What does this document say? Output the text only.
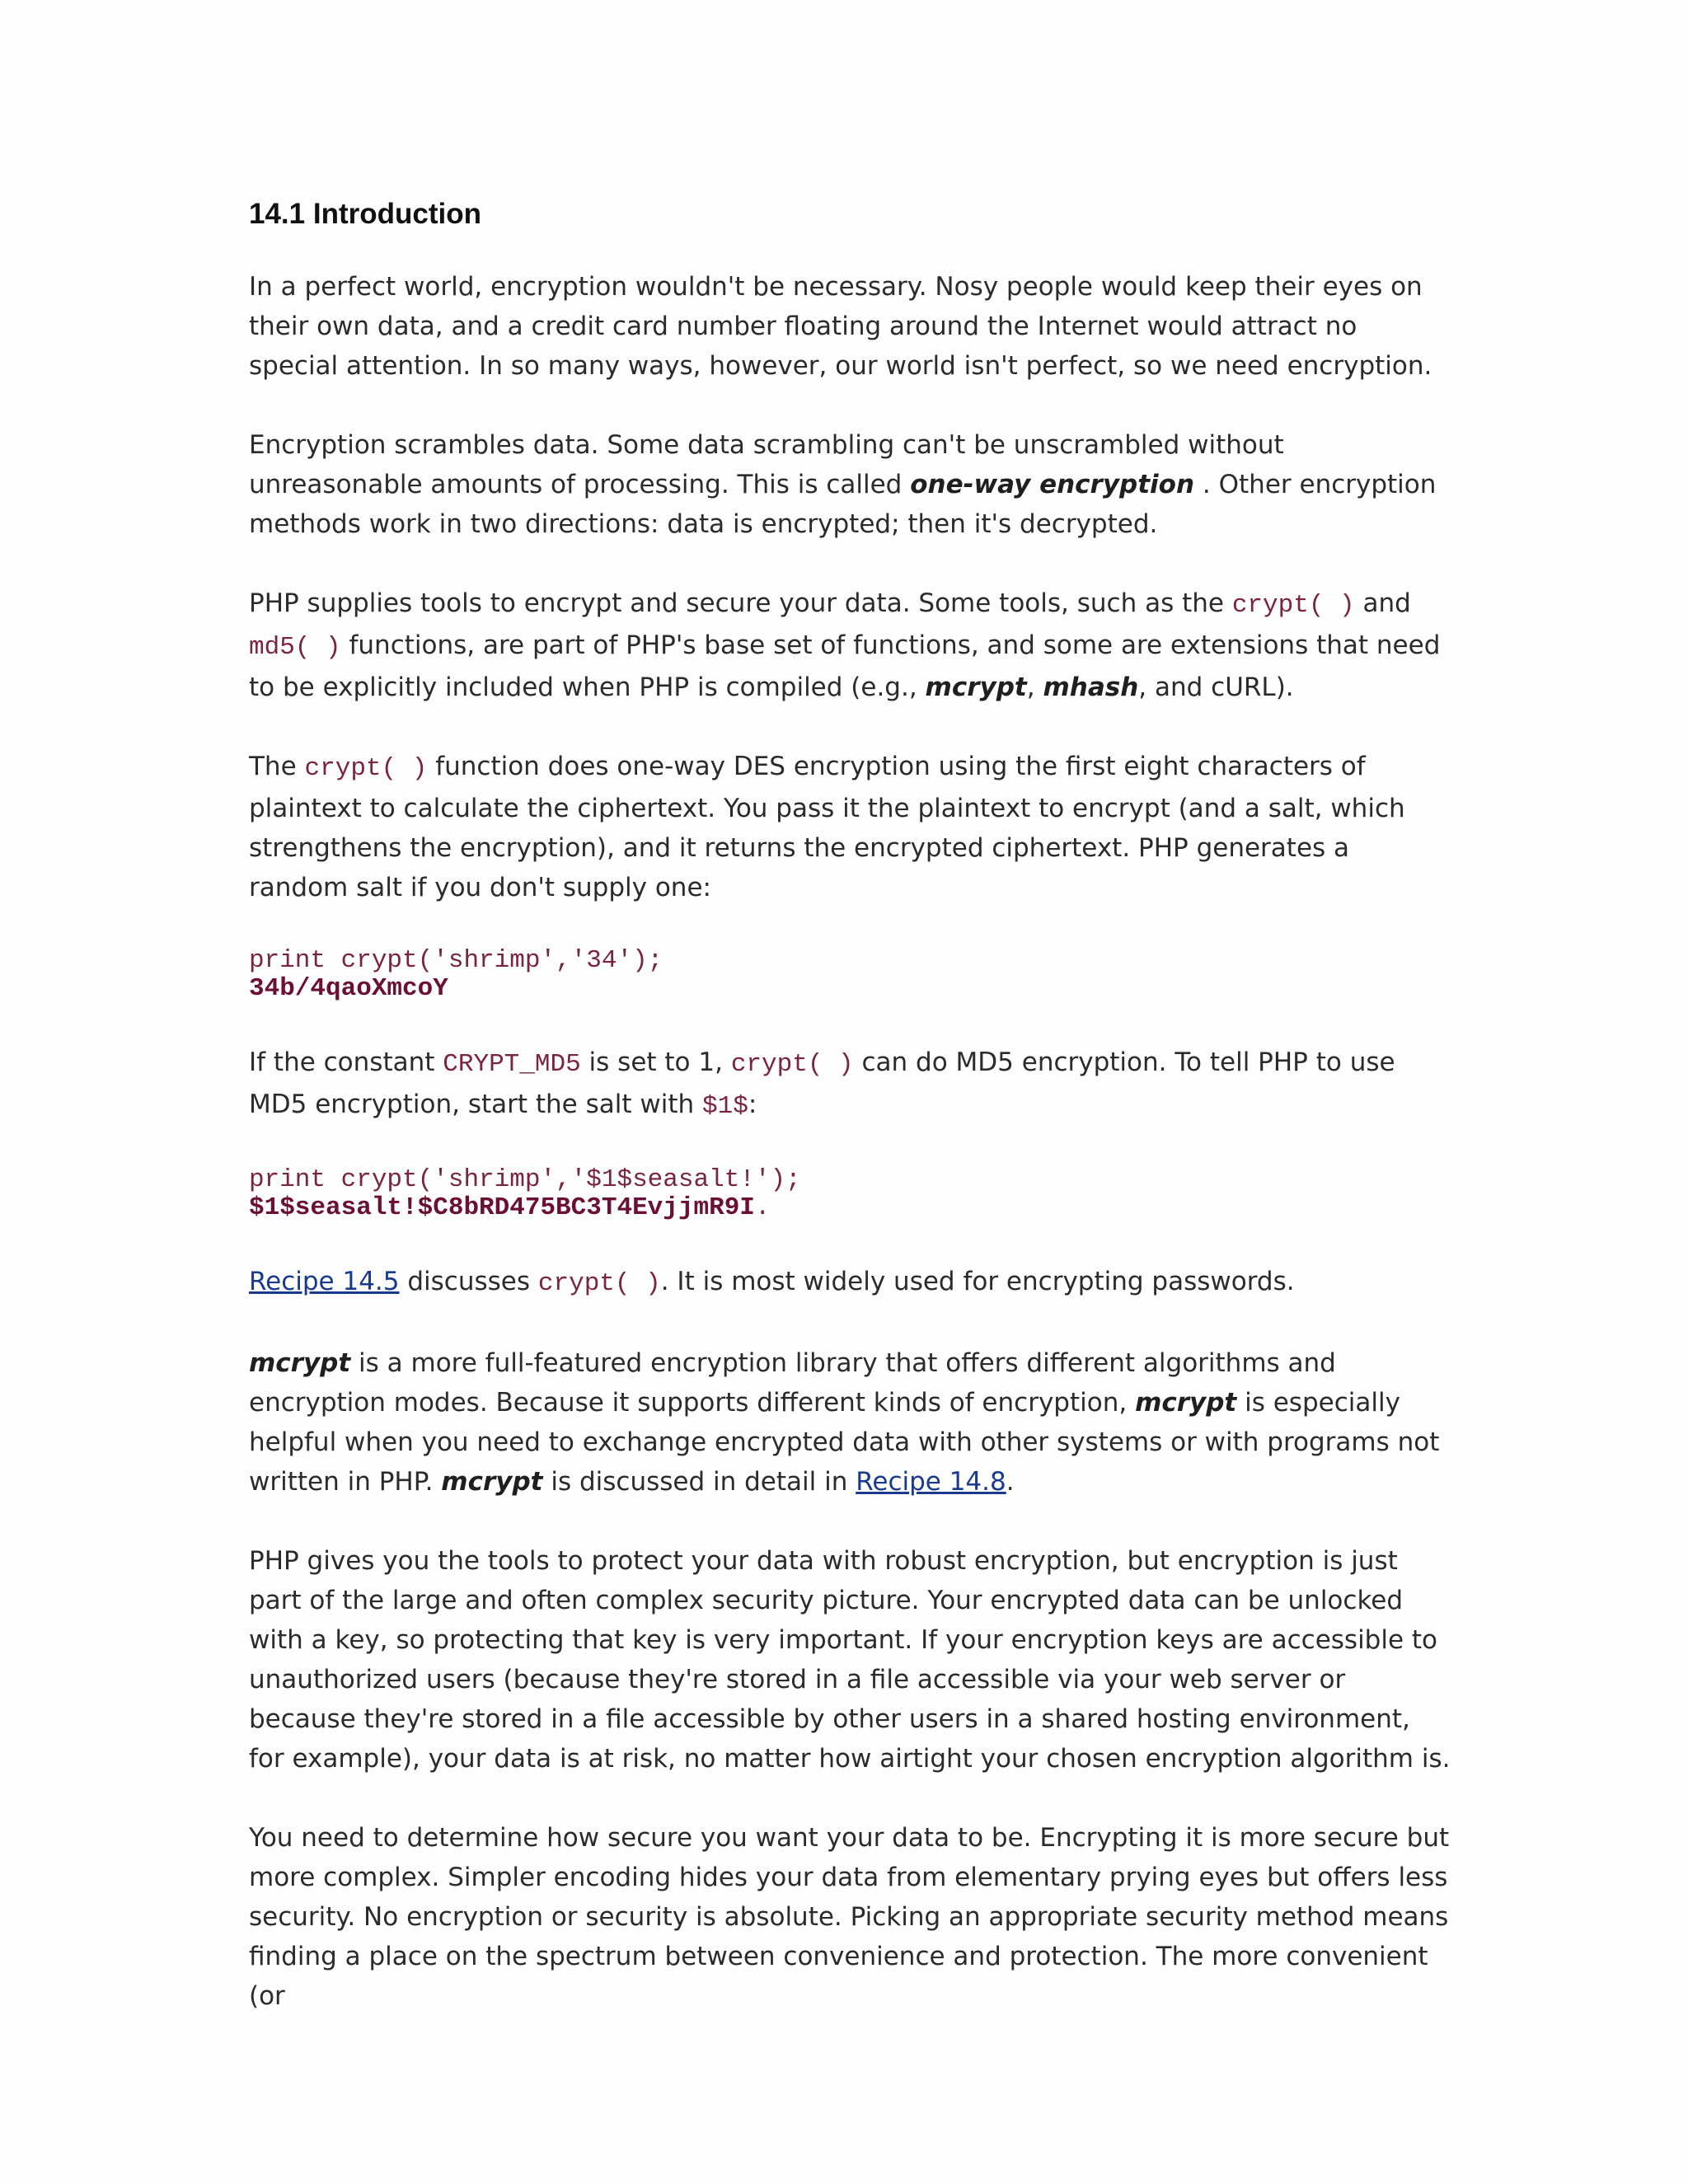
14.1 Introduction

In a perfect world, encryption wouldn't be necessary. Nosy people would keep their eyes on their own data, and a credit card number floating around the Internet would attract no special attention. In so many ways, however, our world isn't perfect, so we need encryption.

Encryption scrambles data. Some data scrambling can't be unscrambled without unreasonable amounts of processing. This is called one-way encryption . Other encryption methods work in two directions: data is encrypted; then it's decrypted.

PHP supplies tools to encrypt and secure your data. Some tools, such as the crypt( ) and md5( ) functions, are part of PHP's base set of functions, and some are extensions that need to be explicitly included when PHP is compiled (e.g., mcrypt, mhash, and cURL).

The crypt( ) function does one-way DES encryption using the first eight characters of plaintext to calculate the ciphertext. You pass it the plaintext to encrypt (and a salt, which strengthens the encryption), and it returns the encrypted ciphertext. PHP generates a random salt if you don't supply one:

print crypt('shrimp','34');
34b/4qaoXmcoY

If the constant CRYPT_MD5 is set to 1, crypt( ) can do MD5 encryption. To tell PHP to use MD5 encryption, start the salt with $1$:

print crypt('shrimp','$1$seasalt!');
$1$seasalt!$C8bRD475BC3T4EvjjmR9I.

Recipe 14.5 discusses crypt( ). It is most widely used for encrypting passwords.

mcrypt is a more full-featured encryption library that offers different algorithms and encryption modes. Because it supports different kinds of encryption, mcrypt is especially helpful when you need to exchange encrypted data with other systems or with programs not written in PHP. mcrypt is discussed in detail in Recipe 14.8.

PHP gives you the tools to protect your data with robust encryption, but encryption is just part of the large and often complex security picture. Your encrypted data can be unlocked with a key, so protecting that key is very important. If your encryption keys are accessible to unauthorized users (because they're stored in a file accessible via your web server or because they're stored in a file accessible by other users in a shared hosting environment, for example), your data is at risk, no matter how airtight your chosen encryption algorithm is.

You need to determine how secure you want your data to be. Encrypting it is more secure but more complex. Simpler encoding hides your data from elementary prying eyes but offers less security. No encryption or security is absolute. Picking an appropriate security method means finding a place on the spectrum between convenience and protection. The more convenient (or
